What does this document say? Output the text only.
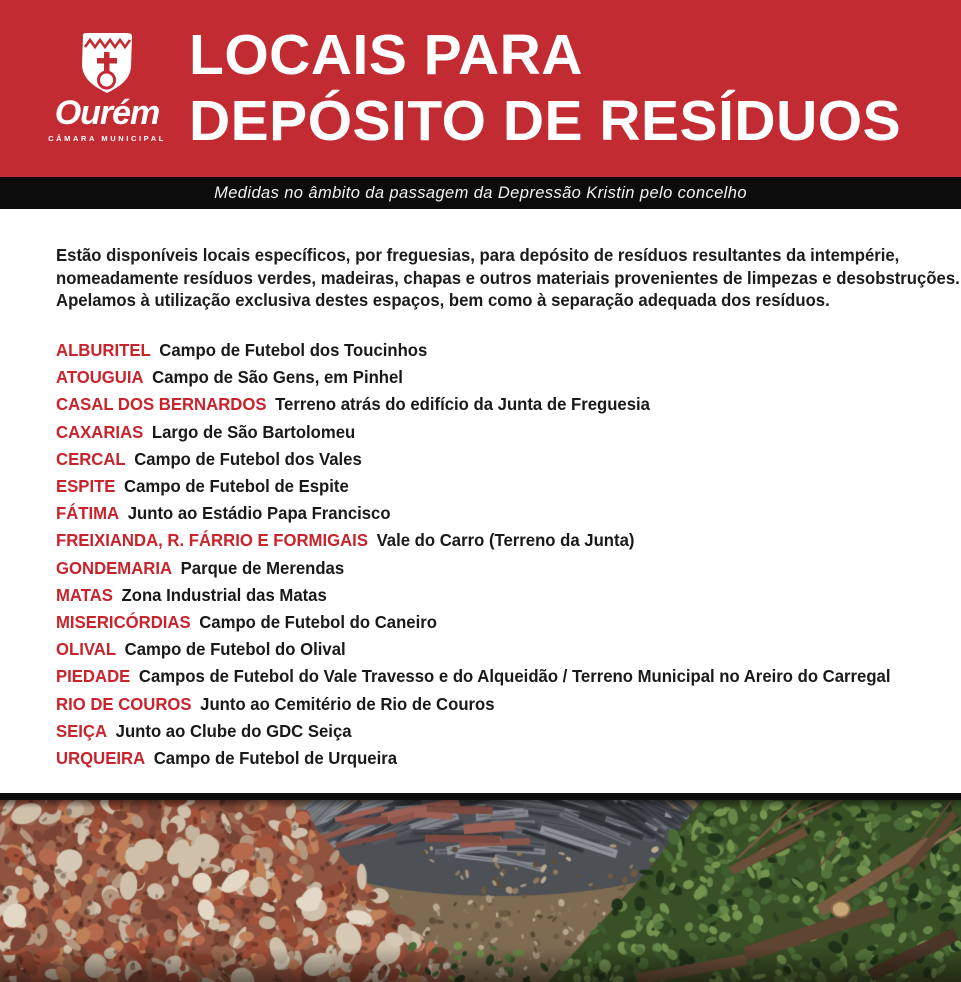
Ourém
CÂMARA MUNICIPAL
LOCAIS PARA
DEPÓSITO DE RESÍDUOS
Medidas no âmbito da passagem da Depressão Kristin pelo concelho

Estão disponíveis locais específicos, por freguesias, para depósito de resíduos resultantes da intempérie,
nomeadamente resíduos verdes, madeiras, chapas e outros materiais provenientes de limpezas e desobstruções.
Apelamos à utilização exclusiva destes espaços, bem como à separação adequada dos resíduos.

ALBURITEL Campo de Futebol dos Toucinhos
ATOUGUIA Campo de São Gens, em Pinhel
CASAL DOS BERNARDOS Terreno atrás do edifício da Junta de Freguesia
CAXARIAS Largo de São Bartolomeu
CERCAL Campo de Futebol dos Vales
ESPITE Campo de Futebol de Espite
FÁTIMA Junto ao Estádio Papa Francisco
FREIXIANDA, R. FÁRRIO E FORMIGAIS Vale do Carro (Terreno da Junta)
GONDEMARIA Parque de Merendas
MATAS Zona Industrial das Matas
MISERICÓRDIAS Campo de Futebol do Caneiro
OLIVAL Campo de Futebol do Olival
PIEDADE Campos de Futebol do Vale Travesso e do Alqueidão / Terreno Municipal no Areiro do Carregal
RIO DE COUROS Junto ao Cemitério de Rio de Couros
SEIÇA Junto ao Clube do GDC Seiça
URQUEIRA Campo de Futebol de Urqueira
